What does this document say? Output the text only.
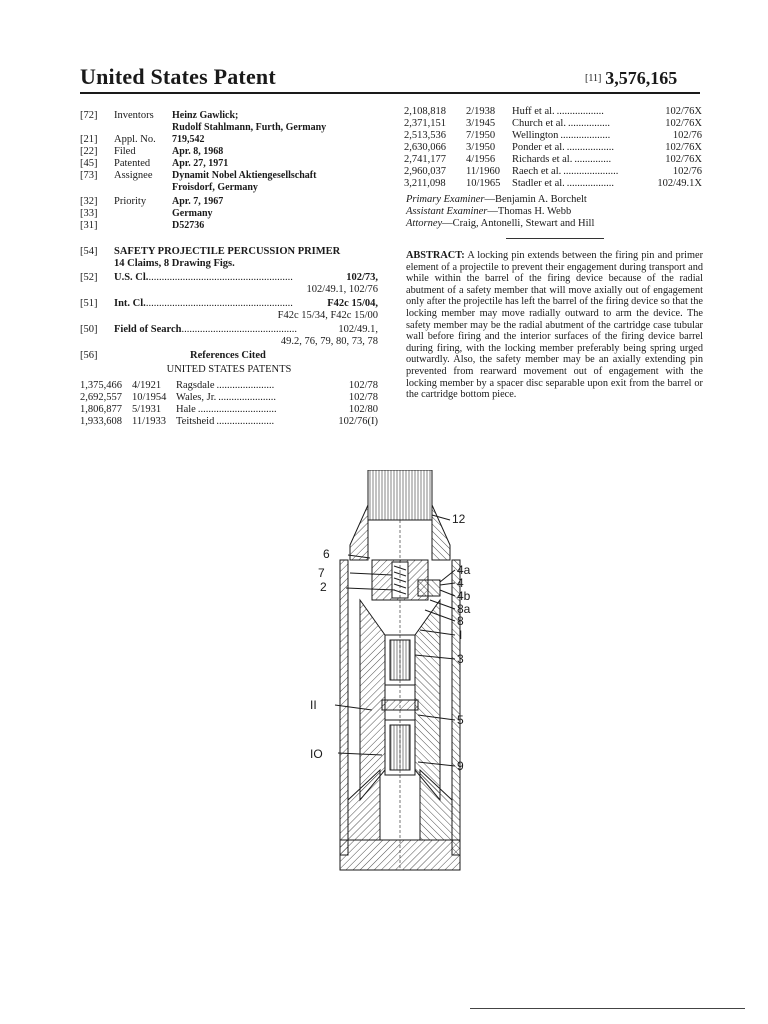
United States Patent	[11] 3,576,165
[72]	Inventors	Heinz Gawlick;
Rudolf Stahlmann, Furth, Germany
[21]	Appl. No.	719,542
[22]	Filed	Apr. 8, 1968
[45]	Patented	Apr. 27, 1971
[73]	Assignee	Dynamit Nobel Aktiengesellschaft
Froisdorf, Germany
[32]	Priority	Apr. 7, 1967
[33]	Germany
[31]	D52736
[54]	SAFETY PROJECTILE PERCUSSION PRIMER
14 Claims, 8 Drawing Figs.
[52]	U.S. Cl. .......................................................	102/73,
102/49.1, 102/76
[51]	Int. Cl. ........................................................	F42c 15/04,
F42c 15/34, F42c 15/00
[50]	Field of Search ............................................	102/49.1,
49.2, 76, 79, 80, 73, 78
[56]	References Cited
UNITED STATES PATENTS
1,375,466 4/1921	Ragsdale ......................	102/78
2,692,557 10/1954 Wales, Jr. ......................	102/78
1,806,877 5/1931	Hale ..............................	102/80
1,933,608 11/1933 Teitsheid ......................	102/76(I)
2,108,818	2/1938	Huff et al. ..................	102/76X
2,371,151	3/1945	Church et al. ................	102/76X
2,513,536	7/1950	Wellington ...................	102/76
2,630,066	3/1950	Ponder et al. ..................	102/76X
2,741,177	4/1956	Richards et al. ..............	102/76X
2,960,037	11/1960	Raech et al. .....................	102/76
3,211,098	10/1965	Stadler et al. ..................	102/49.1X
Primary Examiner—Benjamin A. Borchelt
Assistant Examiner—Thomas H. Webb
Attorney—Craig, Antonelli, Stewart and Hill
ABSTRACT: A locking pin extends between the firing pin and primer element of a projectile to prevent their engagement during transport and while within the barrel of the firing device because of the radial abutment of a safety member that will move axially out of engagement only after the projectile has left the barrel of the firing device so that the locking member may move radially outward to arm the device. The safety member may be the radial abutment of the cartridge case tubular wall before firing and the interior surfaces of the firing device barrel during firing, with the locking member preferably being spring urged outwardly. Also, the safety member may be an axially extending pin prevented from rearward movement out of engagement with the locking member by a spacer disc separable upon exit from the barrel or the cartridge bottom piece.
12
6
7
2
4a
4
4b
8a
8
I
3
II
5
IO
9
